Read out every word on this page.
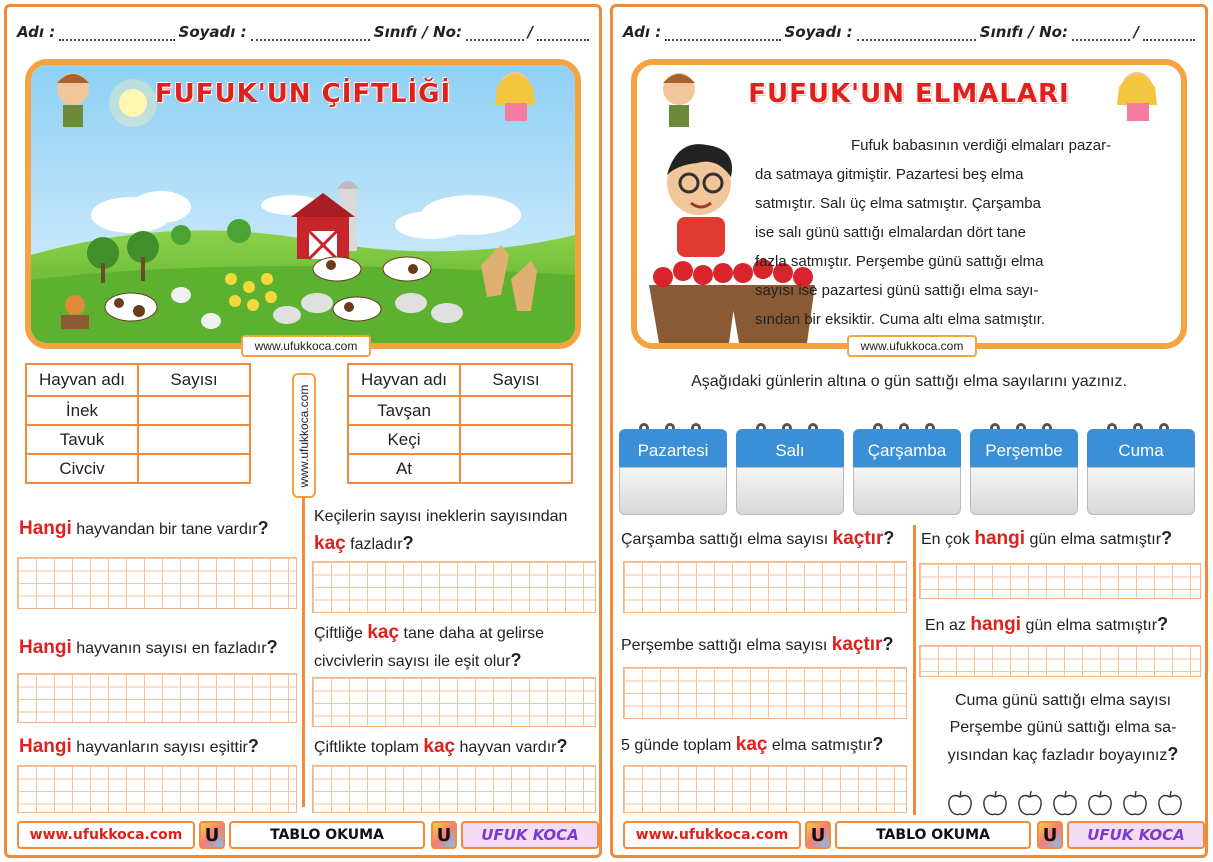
Adı :	Soyadı :	Sınıfı / No:	/
FUFUK'UN ÇİFTLİĞİ
www.ufukkoca.com
Hayvan adı	Sayısı
İnek	
Tavuk	
Civciv		www.ufukkoca.com
Hayvan adı	Sayısı
Tavşan	
Keçi	
At	
Hangi hayvandan bir tane vardır?
Hangi hayvanın sayısı en fazladır?
Hangi hayvanların sayısı eşittir?
Keçilerin sayısı ineklerin sayısından
kaç fazladır?
Çiftliğe kaç tane daha at gelirse
civcivlerin sayısı ile eşit olur?
Çiftlikte toplam kaç hayvan vardır?
www.ufukkoca.com	U	TABLO OKUMA	U	UFUK KOCA
Adı :	Soyadı :	Sınıfı / No:	/
FUFUK'UN ELMALARI
Fufuk babasının verdiği elmaları pazar-
da satmaya gitmiştir. Pazartesi beş elma
satmıştır. Salı üç elma satmıştır. Çarşamba
ise salı günü sattığı elmalardan dört tane
fazla satmıştır. Perşembe günü sattığı elma
sayısı ise pazartesi günü sattığı elma sayı-
sından bir eksiktir. Cuma altı elma satmıştır.
www.ufukkoca.com
Aşağıdaki günlerin altına o gün sattığı elma sayılarını yazınız.
Pazartesi	Salı	Çarşamba	Perşembe	Cuma
Çarşamba sattığı elma sayısı kaçtır?
Perşembe sattığı elma sayısı kaçtır?
5 günde toplam kaç elma satmıştır?
En çok hangi gün elma satmıştır?
En az hangi gün elma satmıştır?
Cuma günü sattığı elma sayısı
Perşembe günü sattığı elma sa-
yısından kaç fazladır boyayınız?
www.ufukkoca.com	U	TABLO OKUMA	U	UFUK KOCA
